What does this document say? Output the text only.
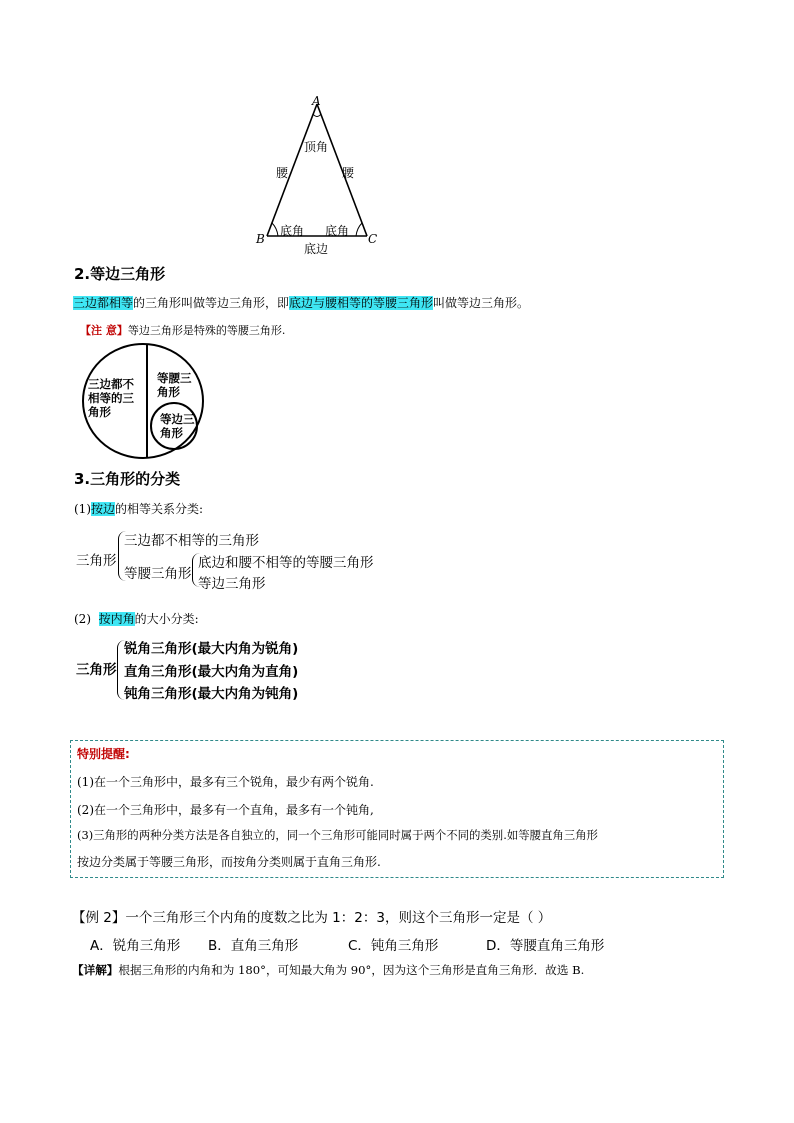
A
B	C
顶角
腰	腰
底角 底角
底边
2.等边三角形
三边都相等的三角形叫做等边三角形，即底边与腰相等的等腰三角形叫做等边三角形。
【注 意】等边三角形是特殊的等腰三角形.
三边都不
相等的三
角形
等腰三
角形
等边三
角形
3.三角形的分类
(1)按边的相等关系分类:
三角形
三边都不相等的三角形
等腰三角形
底边和腰不相等的等腰三角形
等边三角形
(2) 按内角的大小分类:
三角形
锐角三角形(最大内角为锐角)
直角三角形(最大内角为直角)
钝角三角形(最大内角为钝角)
特别提醒:
(1)在一个三角形中，最多有三个锐角，最少有两个锐角.
(2)在一个三角形中，最多有一个直角，最多有一个钝角,
(3)三角形的两种分类方法是各自独立的，同一个三角形可能同时属于两个不同的类别.如等腰直角三角形
按边分类属于等腰三角形，而按角分类则属于直角三角形.
【例 2】一个三角形三个内角的度数之比为 1：2：3，则这个三角形一定是（ ）
A．锐角三角形 B．直角三角形	C．钝角三角形	D．等腰直角三角形
【详解】根据三角形的内角和为 180°，可知最大角为 90°，因为这个三角形是直角三角形．故选 B.
